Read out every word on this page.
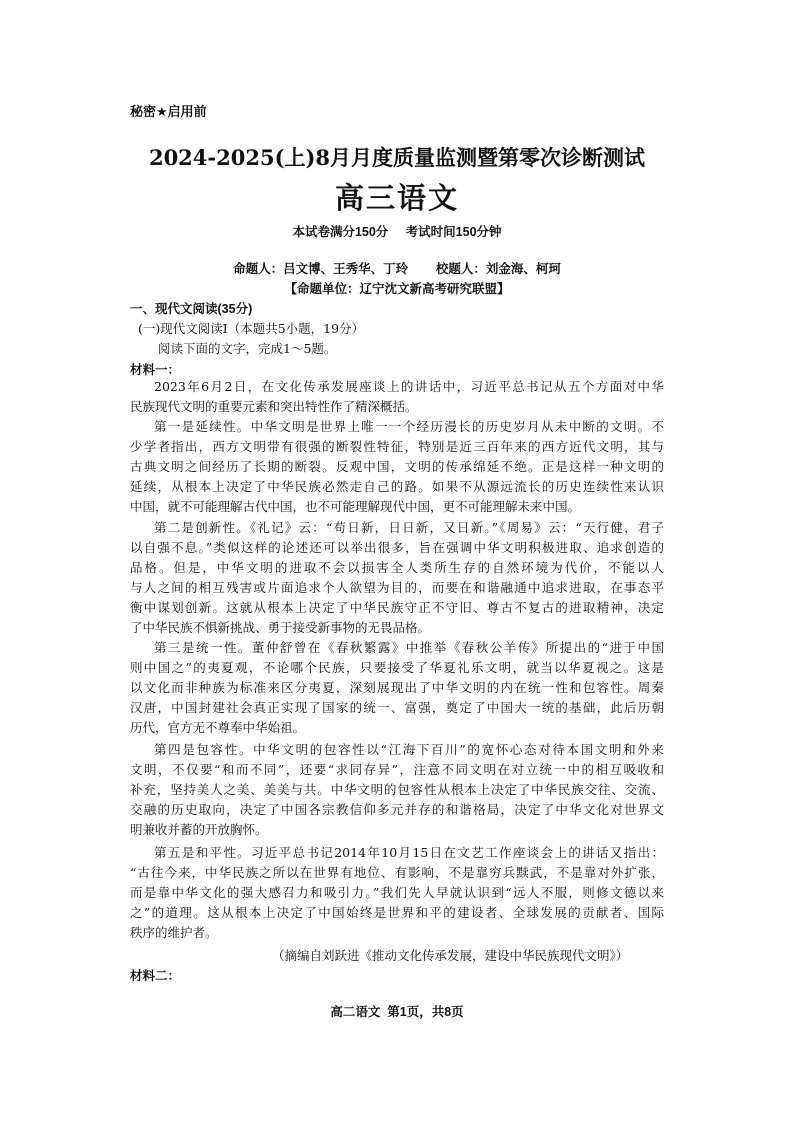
秘密★启用前
2024-2025(上)8月月度质量监测暨第零次诊断测试
高三语文
本试卷满分150分     考试时间150分钟
命题人：吕文博、王秀华、丁玲        校题人：刘金海、柯珂
【命题单位：辽宁沈文新高考研究联盟】
一、现代文阅读(35分)
(一)现代文阅读Ⅰ（本题共5小题，19分）
阅读下面的文字，完成1～5题。
材料一：
2023年6月2日，在文化传承发展座谈上的讲话中，习近平总书记从五个方面对中华
民族现代文明的重要元素和突出特性作了精深概括。
第一是延续性。中华文明是世界上唯一一个经历漫长的历史岁月从未中断的文明。不
少学者指出，西方文明带有很强的断裂性特征，特别是近三百年来的西方近代文明，其与
古典文明之间经历了长期的断裂。反观中国，文明的传承绵延不绝。正是这样一种文明的
延续，从根本上决定了中华民族必然走自己的路。如果不从源远流长的历史连续性来认识
中国，就不可能理解古代中国，也不可能理解现代中国，更不可能理解未来中国。
第二是创新性。《礼记》云：“苟日新，日日新，又日新。”《周易》云：“天行健，君子
以自强不息。”类似这样的论述还可以举出很多，旨在强调中华文明积极进取、追求创造的
品格。但是，中华文明的进取不会以损害全人类所生存的自然环境为代价，不能以人
与人之间的相互残害或片面追求个人欲望为目的，而要在和谐融通中追求进取，在事态平
衡中谋划创新。这就从根本上决定了中华民族守正不守旧、尊古不复古的进取精神，决定
了中华民族不惧新挑战、勇于接受新事物的无畏品格。
第三是统一性。董仲舒曾在《春秋繁露》中推举《春秋公羊传》所提出的“进于中国
则中国之”的夷夏观，不论哪个民族，只要接受了华夏礼乐文明，就当以华夏视之。这是
以文化而非种族为标准来区分夷夏，深刻展现出了中华文明的内在统一性和包容性。周秦
汉唐，中国封建社会真正实现了国家的统一、富强，奠定了中国大一统的基础，此后历朝
历代，官方无不尊奉中华始祖。
第四是包容性。中华文明的包容性以“江海下百川”的宽怀心态对待本国文明和外来
文明，不仅要“和而不同”，还要“求同存异”，注意不同文明在对立统一中的相互吸收和
补充，坚持美人之美、美美与共。中华文明的包容性从根本上决定了中华民族交往、交流、
交融的历史取向，决定了中国各宗教信仰多元并存的和谐格局，决定了中华文化对世界文
明兼收并蓄的开放胸怀。
第五是和平性。习近平总书记2014年10月15日在文艺工作座谈会上的讲话又指出：
“古往今来，中华民族之所以在世界有地位、有影响，不是靠穷兵黩武，不是靠对外扩张，
而是靠中华文化的强大感召力和吸引力。”我们先人早就认识到“远人不服，则修文德以来
之”的道理。这从根本上决定了中国始终是世界和平的建设者、全球发展的贡献者、国际
秩序的维护者。
（摘编自刘跃进《推动文化传承发展，建设中华民族现代文明》）
材料二：
高二语文  第1页，共8页
